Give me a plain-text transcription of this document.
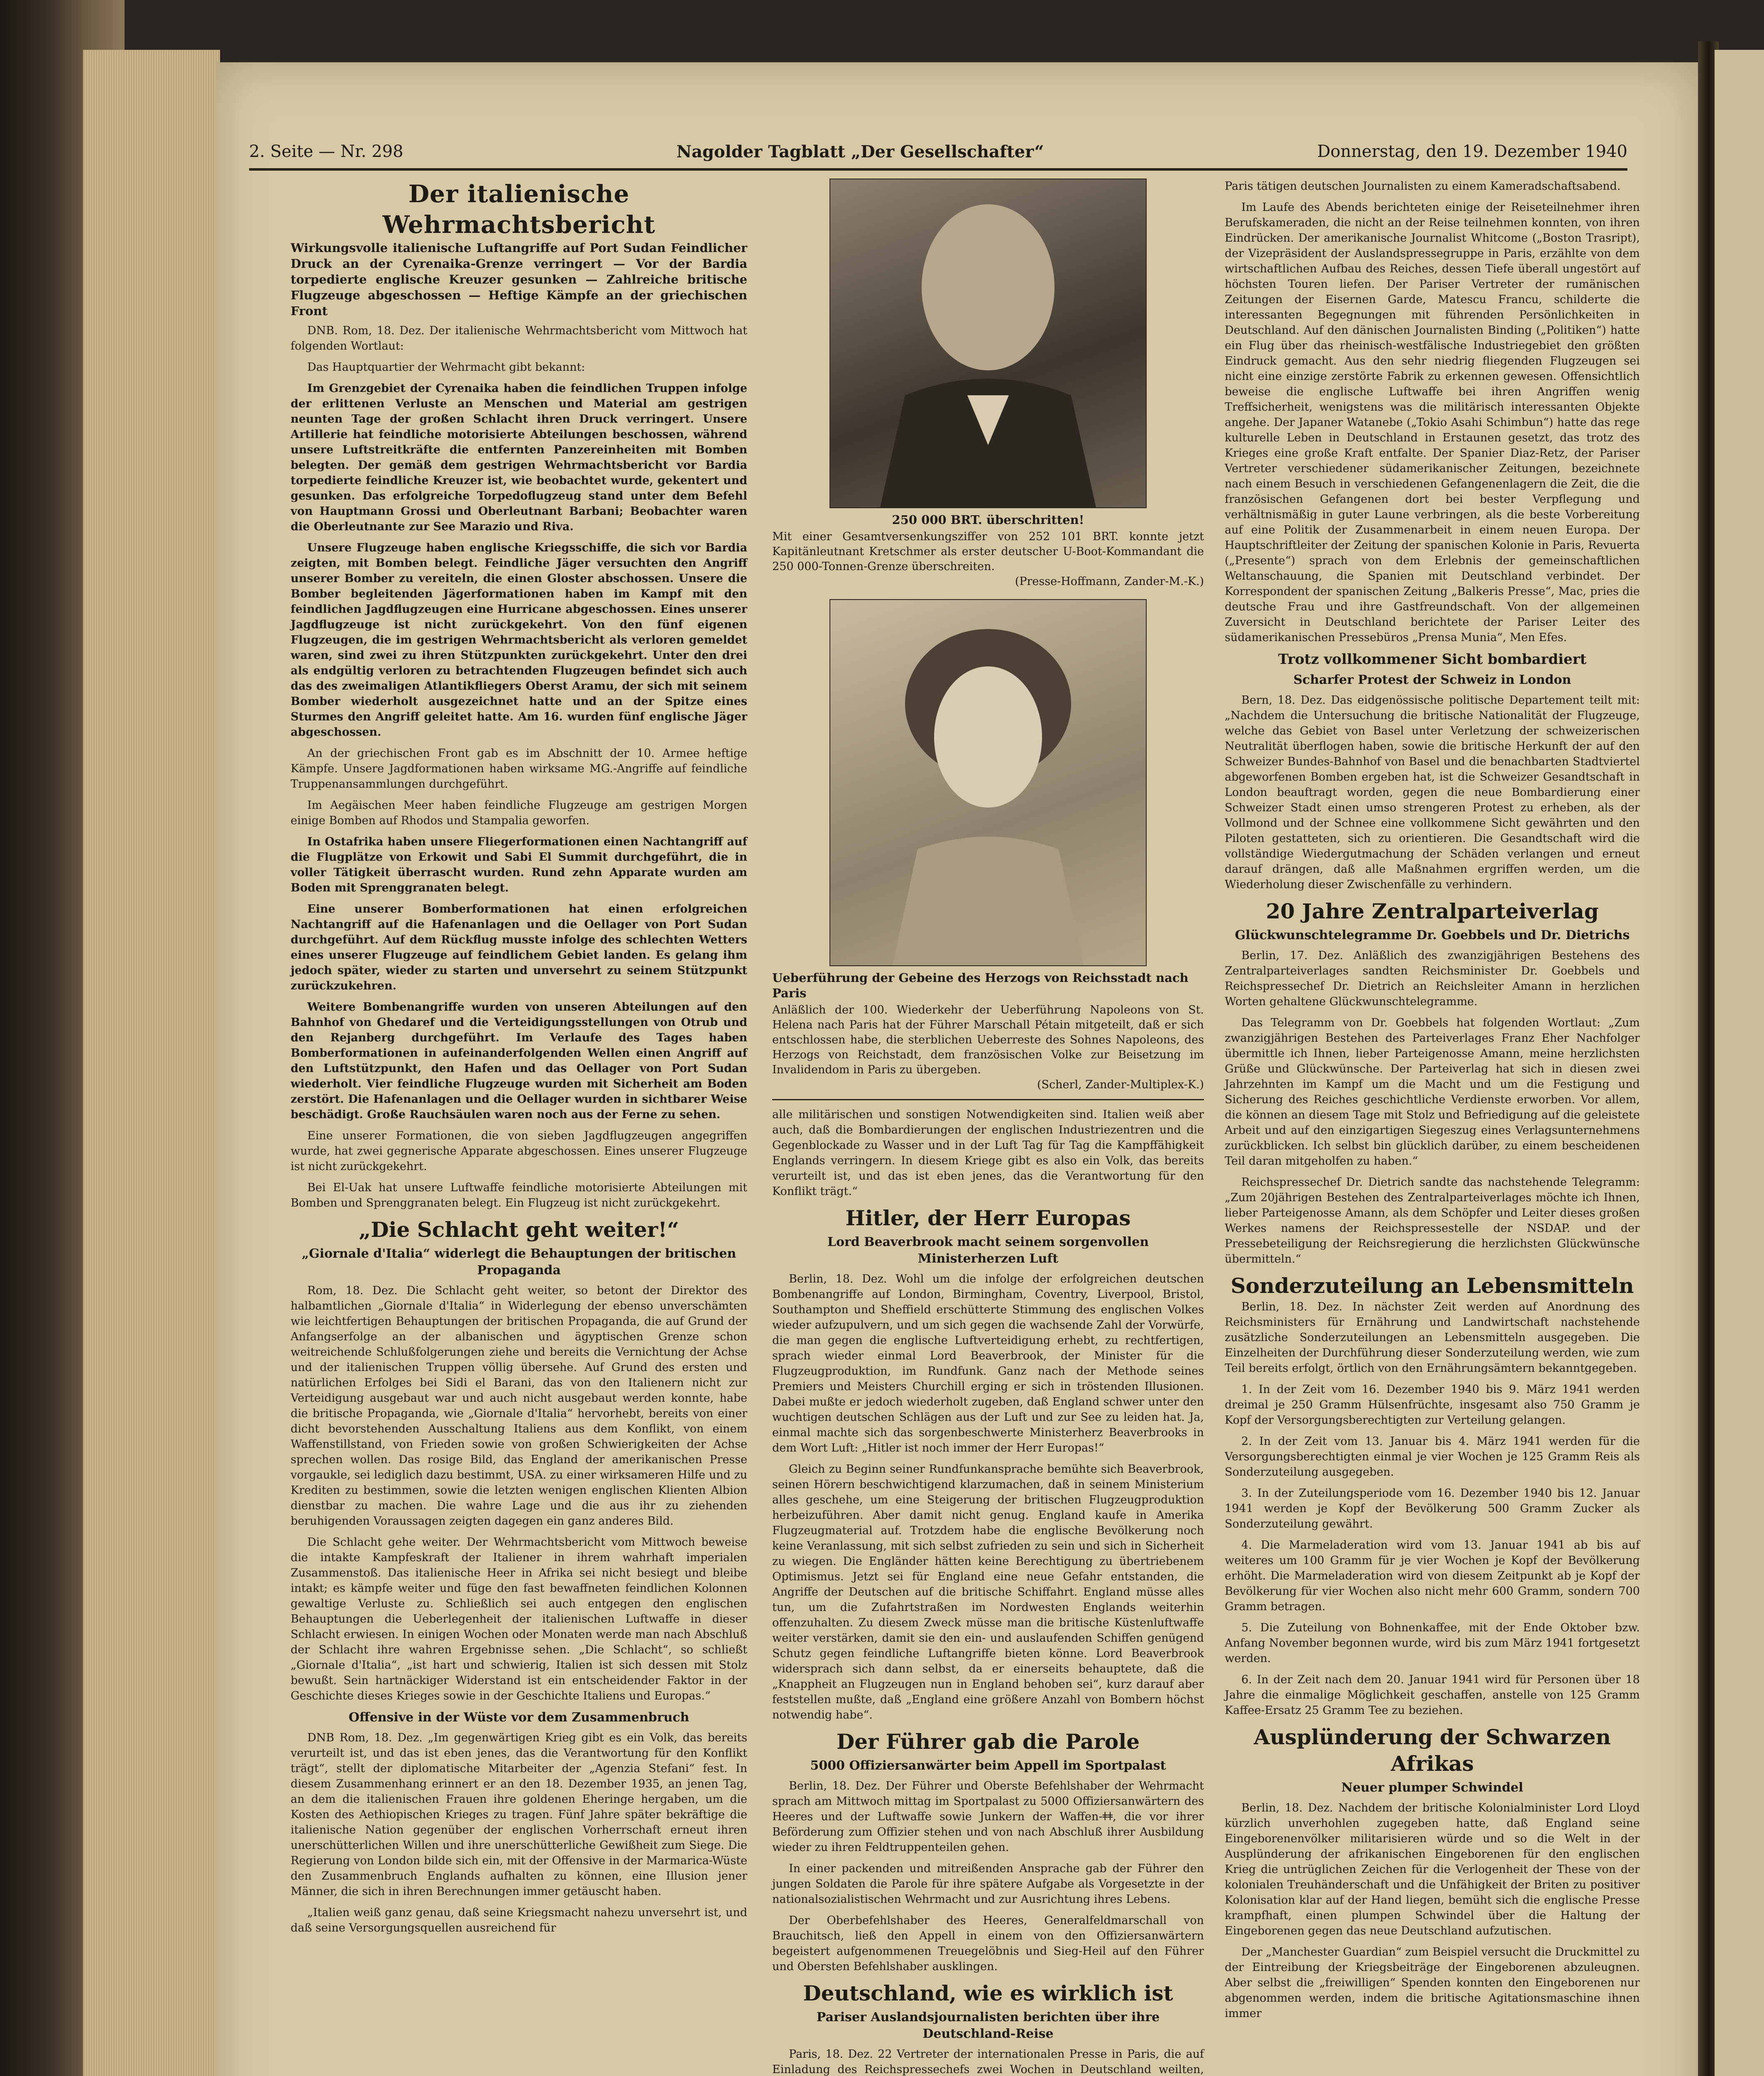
2. Seite — Nr. 298	Nagolder Tagblatt „Der Gesellschafter“	Donnerstag, den 19. Dezember 1940
Der italienische Wehrmachtsbericht
Wirkungsvolle italienische Luftangriffe auf Port Sudan Feindlicher Druck an der Cyrenaika-Grenze verringert — Vor der Bardia torpedierte englische Kreuzer gesunken — Zahlreiche britische Flugzeuge abgeschossen — Heftige Kämpfe an der griechischen Front

DNB. Rom, 18. Dez. Der italienische Wehrmachtsbericht vom Mittwoch hat folgenden Wortlaut:

Das Hauptquartier der Wehrmacht gibt bekannt:

Im Grenzgebiet der Cyrenaika haben die feindlichen Truppen infolge der erlittenen Verluste an Menschen und Material am gestrigen neunten Tage der großen Schlacht ihren Druck verringert. Unsere Artillerie hat feindliche motorisierte Abteilungen beschossen, während unsere Luftstreitkräfte die entfernten Panzereinheiten mit Bomben belegten. Der gemäß dem gestrigen Wehrmachtsbericht vor Bardia torpedierte feindliche Kreuzer ist, wie beobachtet wurde, gekentert und gesunken. Das erfolgreiche Torpedoflugzeug stand unter dem Befehl von Hauptmann Grossi und Oberleutnant Barbani; Beobachter waren die Oberleutnante zur See Marazio und Riva.

Unsere Flugzeuge haben englische Kriegsschiffe, die sich vor Bardia zeigten, mit Bomben belegt. Feindliche Jäger versuchten den Angriff unserer Bomber zu vereiteln, die einen Gloster abschossen. Unsere die Bomber begleitenden Jägerformationen haben im Kampf mit den feindlichen Jagdflugzeugen eine Hurricane abgeschossen. Eines unserer Jagdflugzeuge ist nicht zurückgekehrt. Von den fünf eigenen Flugzeugen, die im gestrigen Wehrmachtsbericht als verloren gemeldet waren, sind zwei zu ihren Stützpunkten zurückgekehrt. Unter den drei als endgültig verloren zu betrachtenden Flugzeugen befindet sich auch das des zweimaligen Atlantikfliegers Oberst Aramu, der sich mit seinem Bomber wiederholt ausgezeichnet hatte und an der Spitze eines Sturmes den Angriff geleitet hatte. Am 16. wurden fünf englische Jäger abgeschossen.

An der griechischen Front gab es im Abschnitt der 10. Armee heftige Kämpfe. Unsere Jagdformationen haben wirksame MG.-Angriffe auf feindliche Truppenansammlungen durchgeführt.

Im Aegäischen Meer haben feindliche Flugzeuge am gestrigen Morgen einige Bomben auf Rhodos und Stampalia geworfen.

In Ostafrika haben unsere Fliegerformationen einen Nachtangriff auf die Flugplätze von Erkowit und Sabi El Summit durchgeführt, die in voller Tätigkeit überrascht wurden. Rund zehn Apparate wurden am Boden mit Sprenggranaten belegt.

Eine unserer Bomberformationen hat einen erfolgreichen Nachtangriff auf die Hafenanlagen und die Oellager von Port Sudan durchgeführt. Auf dem Rückflug musste infolge des schlechten Wetters eines unserer Flugzeuge auf feindlichem Gebiet landen. Es gelang ihm jedoch später, wieder zu starten und unversehrt zu seinem Stützpunkt zurückzukehren.

Weitere Bombenangriffe wurden von unseren Abteilungen auf den Bahnhof von Ghedaref und die Verteidigungsstellungen von Otrub und den Rejanberg durchgeführt. Im Verlaufe des Tages haben Bomberformationen in aufeinanderfolgenden Wellen einen Angriff auf den Luftstützpunkt, den Hafen und das Oellager von Port Sudan wiederholt. Vier feindliche Flugzeuge wurden mit Sicherheit am Boden zerstört. Die Hafenanlagen und die Oellager wurden in sichtbarer Weise beschädigt. Große Rauchsäulen waren noch aus der Ferne zu sehen.

Eine unserer Formationen, die von sieben Jagdflugzeugen angegriffen wurde, hat zwei gegnerische Apparate abgeschossen. Eines unserer Flugzeuge ist nicht zurückgekehrt.

Bei El-Uak hat unsere Luftwaffe feindliche motorisierte Abteilungen mit Bomben und Sprenggranaten belegt. Ein Flugzeug ist nicht zurückgekehrt.

„Die Schlacht geht weiter!“
„Giornale d'Italia“ widerlegt die Behauptungen der britischen Propaganda

Rom, 18. Dez. Die Schlacht geht weiter, so betont der Direktor des halbamtlichen „Giornale d'Italia“ in Widerlegung der ebenso unverschämten wie leichtfertigen Behauptungen der britischen Propaganda, die auf Grund der Anfangserfolge an der albanischen und ägyptischen Grenze schon weitreichende Schlußfolgerungen ziehe und bereits die Vernichtung der Achse und der italienischen Truppen völlig übersehe. Auf Grund des ersten und natürlichen Erfolges bei Sidi el Barani, das von den Italienern nicht zur Verteidigung ausgebaut war und auch nicht ausgebaut werden konnte, habe die britische Propaganda, wie „Giornale d'Italia“ hervorhebt, bereits von einer dicht bevorstehenden Ausschaltung Italiens aus dem Konflikt, von einem Waffenstillstand, von Frieden sowie von großen Schwierigkeiten der Achse sprechen wollen. Das rosige Bild, das England der amerikanischen Presse vorgaukle, sei lediglich dazu bestimmt, USA. zu einer wirksameren Hilfe und zu Krediten zu bestimmen, sowie die letzten wenigen englischen Klienten Albion dienstbar zu machen. Die wahre Lage und die aus ihr zu ziehenden beruhigenden Voraussagen zeigten dagegen ein ganz anderes Bild.

Die Schlacht gehe weiter. Der Wehrmachtsbericht vom Mittwoch beweise die intakte Kampfeskraft der Italiener in ihrem wahrhaft imperialen Zusammenstoß. Das italienische Heer in Afrika sei nicht besiegt und bleibe intakt; es kämpfe weiter und füge den fast bewaffneten feindlichen Kolonnen gewaltige Verluste zu. Schließlich sei auch entgegen den englischen Behauptungen die Ueberlegenheit der italienischen Luftwaffe in dieser Schlacht erwiesen. In einigen Wochen oder Monaten werde man nach Abschluß der Schlacht ihre wahren Ergebnisse sehen. „Die Schlacht“, so schließt „Giornale d'Italia“, „ist hart und schwierig, Italien ist sich dessen mit Stolz bewußt. Sein hartnäckiger Widerstand ist ein entscheidender Faktor in der Geschichte dieses Krieges sowie in der Geschichte Italiens und Europas.“

Offensive in der Wüste vor dem Zusammenbruch

DNB Rom, 18. Dez. „Im gegenwärtigen Krieg gibt es ein Volk, das bereits verurteilt ist, und das ist eben jenes, das die Verantwortung für den Konflikt trägt“, stellt der diplomatische Mitarbeiter der „Agenzia Stefani“ fest. In diesem Zusammenhang erinnert er an den 18. Dezember 1935, an jenen Tag, an dem die italienischen Frauen ihre goldenen Eheringe hergaben, um die Kosten des Aethiopischen Krieges zu tragen. Fünf Jahre später bekräftige die italienische Nation gegenüber der englischen Vorherrschaft erneut ihren unerschütterlichen Willen und ihre unerschütterliche Gewißheit zum Siege. Die Regierung von London bilde sich ein, mit der Offensive in der Marmarica-Wüste den Zusammenbruch Englands aufhalten zu können, eine Illusion jener Männer, die sich in ihren Berechnungen immer getäuscht haben.

„Italien weiß ganz genau, daß seine Kriegsmacht nahezu unversehrt ist, und daß seine Versorgungsquellen ausreichend für

250 000 BRT. überschritten!
Mit einer Gesamtversenkungsziffer von 252 101 BRT. konnte jetzt Kapitänleutnant Kretschmer als erster deutscher U-Boot-Kommandant die 250 000-Tonnen-Grenze überschreiten.
(Presse-Hoffmann, Zander-M.-K.)
Ueberführung der Gebeine des Herzogs von Reichsstadt nach Paris
Anläßlich der 100. Wiederkehr der Ueberführung Napoleons von St. Helena nach Paris hat der Führer Marschall Pétain mitgeteilt, daß er sich entschlossen habe, die sterblichen Ueberreste des Sohnes Napoleons, des Herzogs von Reichstadt, dem französischen Volke zur Beisetzung im Invalidendom in Paris zu übergeben.
(Scherl, Zander-Multiplex-K.)

alle militärischen und sonstigen Notwendigkeiten sind. Italien weiß aber auch, daß die Bombardierungen der englischen Industriezentren und die Gegenblockade zu Wasser und in der Luft Tag für Tag die Kampffähigkeit Englands verringern. In diesem Kriege gibt es also ein Volk, das bereits verurteilt ist, und das ist eben jenes, das die Verantwortung für den Konflikt trägt.“

Hitler, der Herr Europas
Lord Beaverbrook macht seinem sorgenvollen Ministerherzen Luft

Berlin, 18. Dez. Wohl um die infolge der erfolgreichen deutschen Bombenangriffe auf London, Birmingham, Coventry, Liverpool, Bristol, Southampton und Sheffield erschütterte Stimmung des englischen Volkes wieder aufzupulvern, und um sich gegen die wachsende Zahl der Vorwürfe, die man gegen die englische Luftverteidigung erhebt, zu rechtfertigen, sprach wieder einmal Lord Beaverbrook, der Minister für die Flugzeugproduktion, im Rundfunk. Ganz nach der Methode seines Premiers und Meisters Churchill erging er sich in tröstenden Illusionen. Dabei mußte er jedoch wiederholt zugeben, daß England schwer unter den wuchtigen deutschen Schlägen aus der Luft und zur See zu leiden hat. Ja, einmal machte sich das sorgenbeschwerte Ministerherz Beaverbrooks in dem Wort Luft: „Hitler ist noch immer der Herr Europas!“

Gleich zu Beginn seiner Rundfunkansprache bemühte sich Beaverbrook, seinen Hörern beschwichtigend klarzumachen, daß in seinem Ministerium alles geschehe, um eine Steigerung der britischen Flugzeugproduktion herbeizuführen. Aber damit nicht genug. England kaufe in Amerika Flugzeugmaterial auf. Trotzdem habe die englische Bevölkerung noch keine Veranlassung, mit sich selbst zufrieden zu sein und sich in Sicherheit zu wiegen. Die Engländer hätten keine Berechtigung zu übertriebenem Optimismus. Jetzt sei für England eine neue Gefahr entstanden, die Angriffe der Deutschen auf die britische Schiffahrt. England müsse alles tun, um die Zufahrtstraßen im Nordwesten Englands weiterhin offenzuhalten. Zu diesem Zweck müsse man die britische Küstenluftwaffe weiter verstärken, damit sie den ein- und auslaufenden Schiffen genügend Schutz gegen feindliche Luftangriffe bieten könne. Lord Beaverbrook widersprach sich dann selbst, da er einerseits behauptete, daß die „Knappheit an Flugzeugen nun in England behoben sei“, kurz darauf aber feststellen mußte, daß „England eine größere Anzahl von Bombern höchst notwendig habe“.

Der Führer gab die Parole
5000 Offiziersanwärter beim Appell im Sportpalast

Berlin, 18. Dez. Der Führer und Oberste Befehlshaber der Wehrmacht sprach am Mittwoch mittag im Sportpalast zu 5000 Offiziersanwärtern des Heeres und der Luftwaffe sowie Junkern der Waffen-ǂǂ, die vor ihrer Beförderung zum Offizier stehen und von nach Abschluß ihrer Ausbildung wieder zu ihren Feldtruppenteilen gehen.

In einer packenden und mitreißenden Ansprache gab der Führer den jungen Soldaten die Parole für ihre spätere Aufgabe als Vorgesetzte in der nationalsozialistischen Wehrmacht und zur Ausrichtung ihres Lebens.

Der Oberbefehlshaber des Heeres, Generalfeldmarschall von Brauchitsch, ließ den Appell in einem von den Offiziersanwärtern begeistert aufgenommenen Treuegelöbnis und Sieg-Heil auf den Führer und Obersten Befehlshaber ausklingen.

Deutschland, wie es wirklich ist
Pariser Auslandsjournalisten berichten über ihre Deutschland-Reise

Paris, 18. Dez. 22 Vertreter der internationalen Presse in Paris, die auf Einladung des Reichspressechefs zwei Wochen in Deutschland weilten,

Paris tätigen deutschen Journalisten zu einem Kameradschaftsabend.

Im Laufe des Abends berichteten einige der Reiseteilnehmer ihren Berufskameraden, die nicht an der Reise teilnehmen konnten, von ihren Eindrücken. Der amerikanische Journalist Whitcome („Boston Trasript), der Vizepräsident der Auslandspressegruppe in Paris, erzählte von dem wirtschaftlichen Aufbau des Reiches, dessen Tiefe überall ungestört auf höchsten Touren liefen. Der Pariser Vertreter der rumänischen Zeitungen der Eisernen Garde, Matescu Francu, schilderte die interessanten Begegnungen mit führenden Persönlichkeiten in Deutschland. Auf den dänischen Journalisten Binding („Politiken“) hatte ein Flug über das rheinisch-westfälische Industriegebiet den größten Eindruck gemacht. Aus den sehr niedrig fliegenden Flugzeugen sei nicht eine einzige zerstörte Fabrik zu erkennen gewesen. Offensichtlich beweise die englische Luftwaffe bei ihren Angriffen wenig Treffsicherheit, wenigstens was die militärisch interessanten Objekte angehe. Der Japaner Watanebe („Tokio Asahi Schimbun“) hatte das rege kulturelle Leben in Deutschland in Erstaunen gesetzt, das trotz des Krieges eine große Kraft entfalte. Der Spanier Diaz-Retz, der Pariser Vertreter verschiedener südamerikanischer Zeitungen, bezeichnete nach einem Besuch in verschiedenen Gefangenenlagern die Zeit, die die französischen Gefangenen dort bei bester Verpflegung und verhältnismäßig in guter Laune verbringen, als die beste Vorbereitung auf eine Politik der Zusammenarbeit in einem neuen Europa. Der Hauptschriftleiter der Zeitung der spanischen Kolonie in Paris, Revuerta („Presente“) sprach von dem Erlebnis der gemeinschaftlichen Weltanschauung, die Spanien mit Deutschland verbindet. Der Korrespondent der spanischen Zeitung „Balkeris Presse“, Mac, pries die deutsche Frau und ihre Gastfreundschaft. Von der allgemeinen Zuversicht in Deutschland berichtete der Pariser Leiter des südamerikanischen Pressebüros „Prensa Munia“, Men Efes.

Trotz vollkommener Sicht bombardiert
Scharfer Protest der Schweiz in London

Bern, 18. Dez. Das eidgenössische politische Departement teilt mit: „Nachdem die Untersuchung die britische Nationalität der Flugzeuge, welche das Gebiet von Basel unter Verletzung der schweizerischen Neutralität überflogen haben, sowie die britische Herkunft der auf den Schweizer Bundes-Bahnhof von Basel und die benachbarten Stadtviertel abgeworfenen Bomben ergeben hat, ist die Schweizer Gesandtschaft in London beauftragt worden, gegen die neue Bombardierung einer Schweizer Stadt einen umso strengeren Protest zu erheben, als der Vollmond und der Schnee eine vollkommene Sicht gewährten und den Piloten gestatteten, sich zu orientieren. Die Gesandtschaft wird die vollständige Wiedergutmachung der Schäden verlangen und erneut darauf drängen, daß alle Maßnahmen ergriffen werden, um die Wiederholung dieser Zwischenfälle zu verhindern.

20 Jahre Zentralparteiverlag
Glückwunschtelegramme Dr. Goebbels und Dr. Dietrichs

Berlin, 17. Dez. Anläßlich des zwanzigjährigen Bestehens des Zentralparteiverlages sandten Reichsminister Dr. Goebbels und Reichspressechef Dr. Dietrich an Reichsleiter Amann in herzlichen Worten gehaltene Glückwunschtelegramme.

Das Telegramm von Dr. Goebbels hat folgenden Wortlaut: „Zum zwanzigjährigen Bestehen des Parteiverlages Franz Eher Nachfolger übermittle ich Ihnen, lieber Parteigenosse Amann, meine herzlichsten Grüße und Glückwünsche. Der Parteiverlag hat sich in diesen zwei Jahrzehnten im Kampf um die Macht und um die Festigung und Sicherung des Reiches geschichtliche Verdienste erworben. Vor allem, die können an diesem Tage mit Stolz und Befriedigung auf die geleistete Arbeit und auf den einzigartigen Siegeszug eines Verlagsunternehmens zurückblicken. Ich selbst bin glücklich darüber, zu einem bescheidenen Teil daran mitgeholfen zu haben.“

Reichspressechef Dr. Dietrich sandte das nachstehende Telegramm: „Zum 20jährigen Bestehen des Zentralparteiverlages möchte ich Ihnen, lieber Parteigenosse Amann, als dem Schöpfer und Leiter dieses großen Werkes namens der Reichspressestelle der NSDAP. und der Pressebeteiligung der Reichsregierung die herzlichsten Glückwünsche übermitteln.“

Sonderzuteilung an Lebensmitteln

Berlin, 18. Dez. In nächster Zeit werden auf Anordnung des Reichsministers für Ernährung und Landwirtschaft nachstehende zusätzliche Sonderzuteilungen an Lebensmitteln ausgegeben. Die Einzelheiten der Durchführung dieser Sonderzuteilung werden, wie zum Teil bereits erfolgt, örtlich von den Ernährungsämtern bekanntgegeben.

1. In der Zeit vom 16. Dezember 1940 bis 9. März 1941 werden dreimal je 250 Gramm Hülsenfrüchte, insgesamt also 750 Gramm je Kopf der Versorgungsberechtigten zur Verteilung gelangen.

2. In der Zeit vom 13. Januar bis 4. März 1941 werden für die Versorgungsberechtigten einmal je vier Wochen je 125 Gramm Reis als Sonderzuteilung ausgegeben.

3. In der Zuteilungsperiode vom 16. Dezember 1940 bis 12. Januar 1941 werden je Kopf der Bevölkerung 500 Gramm Zucker als Sonderzuteilung gewährt.

4. Die Marmeladeration wird vom 13. Januar 1941 ab bis auf weiteres um 100 Gramm für je vier Wochen je Kopf der Bevölkerung erhöht. Die Marmeladeration wird von diesem Zeitpunkt ab je Kopf der Bevölkerung für vier Wochen also nicht mehr 600 Gramm, sondern 700 Gramm betragen.

5. Die Zuteilung von Bohnenkaffee, mit der Ende Oktober bzw. Anfang November begonnen wurde, wird bis zum März 1941 fortgesetzt werden.

6. In der Zeit nach dem 20. Januar 1941 wird für Personen über 18 Jahre die einmalige Möglichkeit geschaffen, anstelle von 125 Gramm Kaffee-Ersatz 25 Gramm Tee zu beziehen.

Ausplünderung der Schwarzen Afrikas
Neuer plumper Schwindel

Berlin, 18. Dez. Nachdem der britische Kolonialminister Lord Lloyd kürzlich unverhohlen zugegeben hatte, daß England seine Eingeborenenvölker militarisieren würde und so die Welt in der Ausplünderung der afrikanischen Eingeborenen für den englischen Krieg die untrüglichen Zeichen für die Verlogenheit der These von der kolonialen Treuhänderschaft und die Unfähigkeit der Briten zu positiver Kolonisation klar auf der Hand liegen, bemüht sich die englische Presse krampfhaft, einen plumpen Schwindel über die Haltung der Eingeborenen gegen das neue Deutschland aufzutischen.

Der „Manchester Guardian“ zum Beispiel versucht die Druckmittel zu der Eintreibung der Kriegsbeiträge der Eingeborenen abzuleugnen. Aber selbst die „freiwilligen“ Spenden konnten den Eingeborenen nur abgenommen werden, indem die britische Agitationsmaschine ihnen immer
